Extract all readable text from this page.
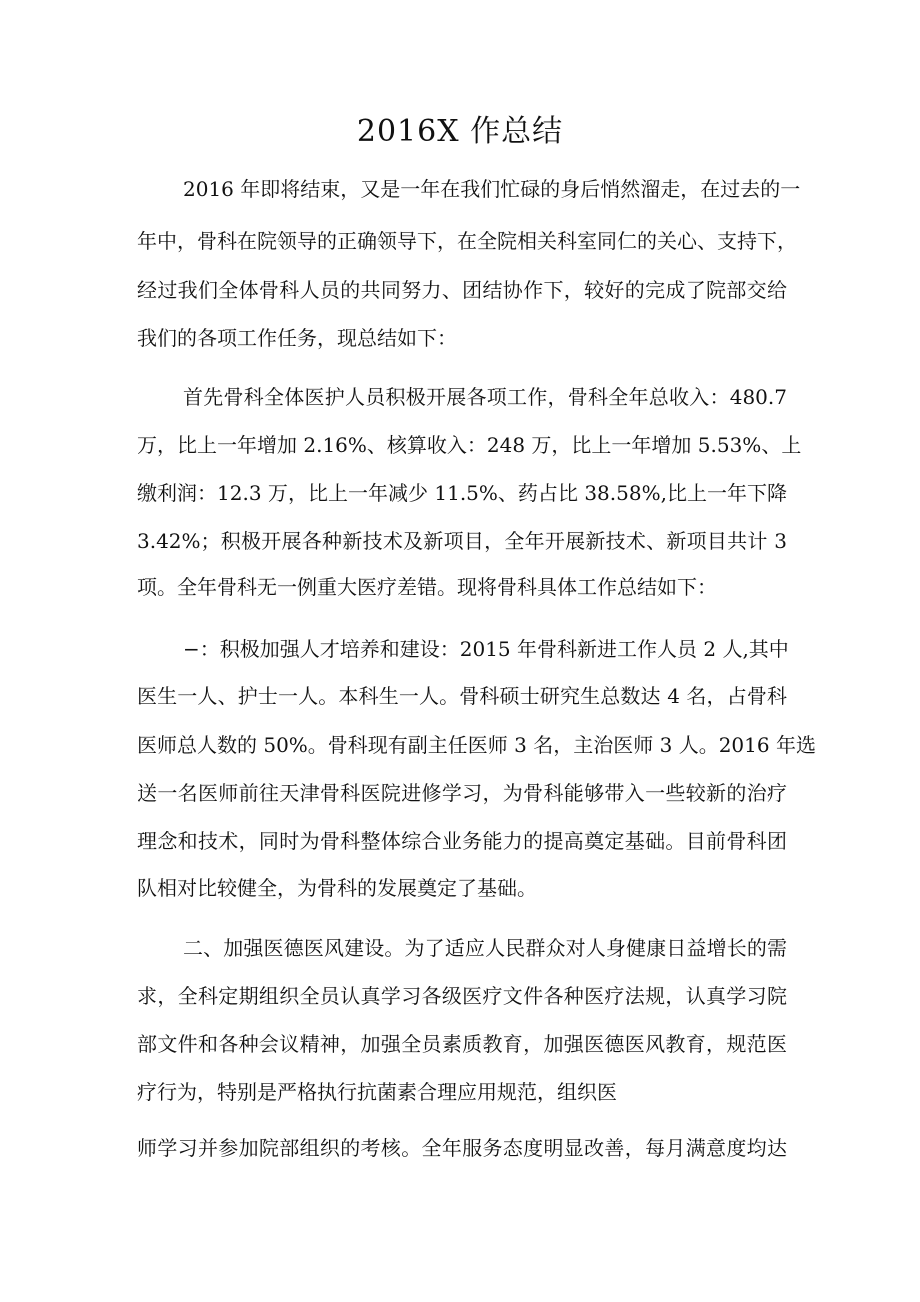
2016X 作总结

2016 年即将结束，又是一年在我们忙碌的身后悄然溜走，在过去的一

年中，骨科在院领导的正确领导下，在全院相关科室同仁的关心、支持下，

经过我们全体骨科人员的共同努力、团结协作下，较好的完成了院部交给

我们的各项工作任务，现总结如下：

首先骨科全体医护人员积极开展各项工作，骨科全年总收入：480.7

万，比上一年增加 2.16%、核算收入：248 万，比上一年增加 5.53%、上

缴利润：12.3 万，比上一年减少 11.5%、药占比 38.58%,比上一年下降

3.42%；积极开展各种新技术及新项目，全年开展新技术、新项目共计 3

项。全年骨科无一例重大医疗差错。现将骨科具体工作总结如下：

−：积极加强人才培养和建设：2015 年骨科新进工作人员 2 人,其中

医生一人、护士一人。本科生一人。骨科硕士研究生总数达 4 名，占骨科

医师总人数的 50%。骨科现有副主任医师 3 名，主治医师 3 人。2016 年选

送一名医师前往天津骨科医院进修学习，为骨科能够带入一些较新的治疗

理念和技术，同时为骨科整体综合业务能力的提高奠定基础。目前骨科团

队相对比较健全，为骨科的发展奠定了基础。

二、加强医德医风建设。为了适应人民群众对人身健康日益增长的需

求，全科定期组织全员认真学习各级医疗文件各种医疗法规，认真学习院

部文件和各种会议精神，加强全员素质教育，加强医德医风教育，规范医

疗行为，特别是严格执行抗菌素合理应用规范，组织医

师学习并参加院部组织的考核。全年服务态度明显改善，每月满意度均达
